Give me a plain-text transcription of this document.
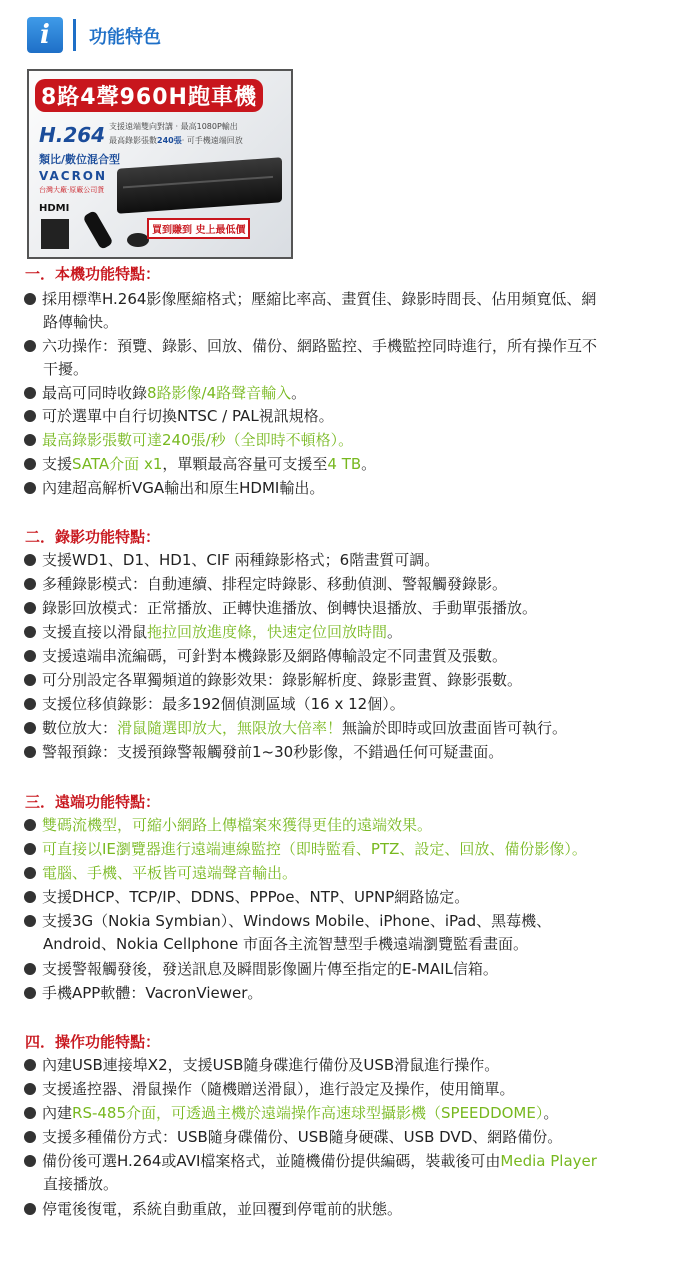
i	功能特色
8路4聲960H跑車機
H.264 支援遠端雙向對講 · 最高1080P輸出
最高錄影張數240張· 可手機遠端回放
類比/數位混合型
VACRON
台灣大廠·原廠公司貨
HDMI
買到賺到 史上最低價
一．本機功能特點：
採用標準H.264影像壓縮格式；壓縮比率高、畫質佳、錄影時間長、佔用頻寬低、網
路傳輸快。
六功操作：預覽、錄影、回放、備份、網路監控、手機監控同時進行，所有操作互不
干擾。
最高可同時收錄8路影像/4路聲音輸入。
可於選單中自行切換NTSC / PAL視訊規格。
最高錄影張數可達240張/秒（全即時不頓格）。
支援SATA介面 x1，單顆最高容量可支援至4 TB。
內建超高解析VGA輸出和原生HDMI輸出。
二．錄影功能特點：
支援WD1、D1、HD1、CIF 兩種錄影格式；6階畫質可調。
多種錄影模式：自動連續、排程定時錄影、移動偵測、警報觸發錄影。
錄影回放模式：正常播放、正轉快進播放、倒轉快退播放、手動單張播放。
支援直接以滑鼠拖拉回放進度條，快速定位回放時間。
支援遠端串流編碼，可針對本機錄影及網路傳輸設定不同畫質及張數。
可分別設定各單獨頻道的錄影效果：錄影解析度、錄影畫質、錄影張數。
支援位移偵錄影：最多192個偵測區域（16 x 12個）。
數位放大：滑鼠隨選即放大，無限放大倍率！無論於即時或回放畫面皆可執行。
警報預錄：支援預錄警報觸發前1~30秒影像，不錯過任何可疑畫面。
三．遠端功能特點：
雙碼流機型，可縮小網路上傳檔案來獲得更佳的遠端效果。
可直接以IE瀏覽器進行遠端連線監控（即時監看、PTZ、設定、回放、備份影像）。
電腦、手機、平板皆可遠端聲音輸出。
支援DHCP、TCP/IP、DDNS、PPPoe、NTP、UPNP網路協定。
支援3G（Nokia Symbian）、Windows Mobile、iPhone、iPad、黑莓機、
Android、Nokia Cellphone 市面各主流智慧型手機遠端瀏覽監看畫面。
支援警報觸發後，發送訊息及瞬間影像圖片傳至指定的E-MAIL信箱。
手機APP軟體：VacronViewer。
四．操作功能特點：
內建USB連接埠X2，支援USB隨身碟進行備份及USB滑鼠進行操作。
支援遙控器、滑鼠操作（隨機贈送滑鼠），進行設定及操作，使用簡單。
內建RS-485介面，可透過主機於遠端操作高速球型攝影機（SPEEDDOME）。
支援多種備份方式：USB隨身碟備份、USB隨身硬碟、USB DVD、網路備份。
備份後可選H.264或AVI檔案格式，並隨機備份提供編碼，裝載後可由Media Player
直接播放。
停電後復電，系統自動重啟，並回覆到停電前的狀態。
